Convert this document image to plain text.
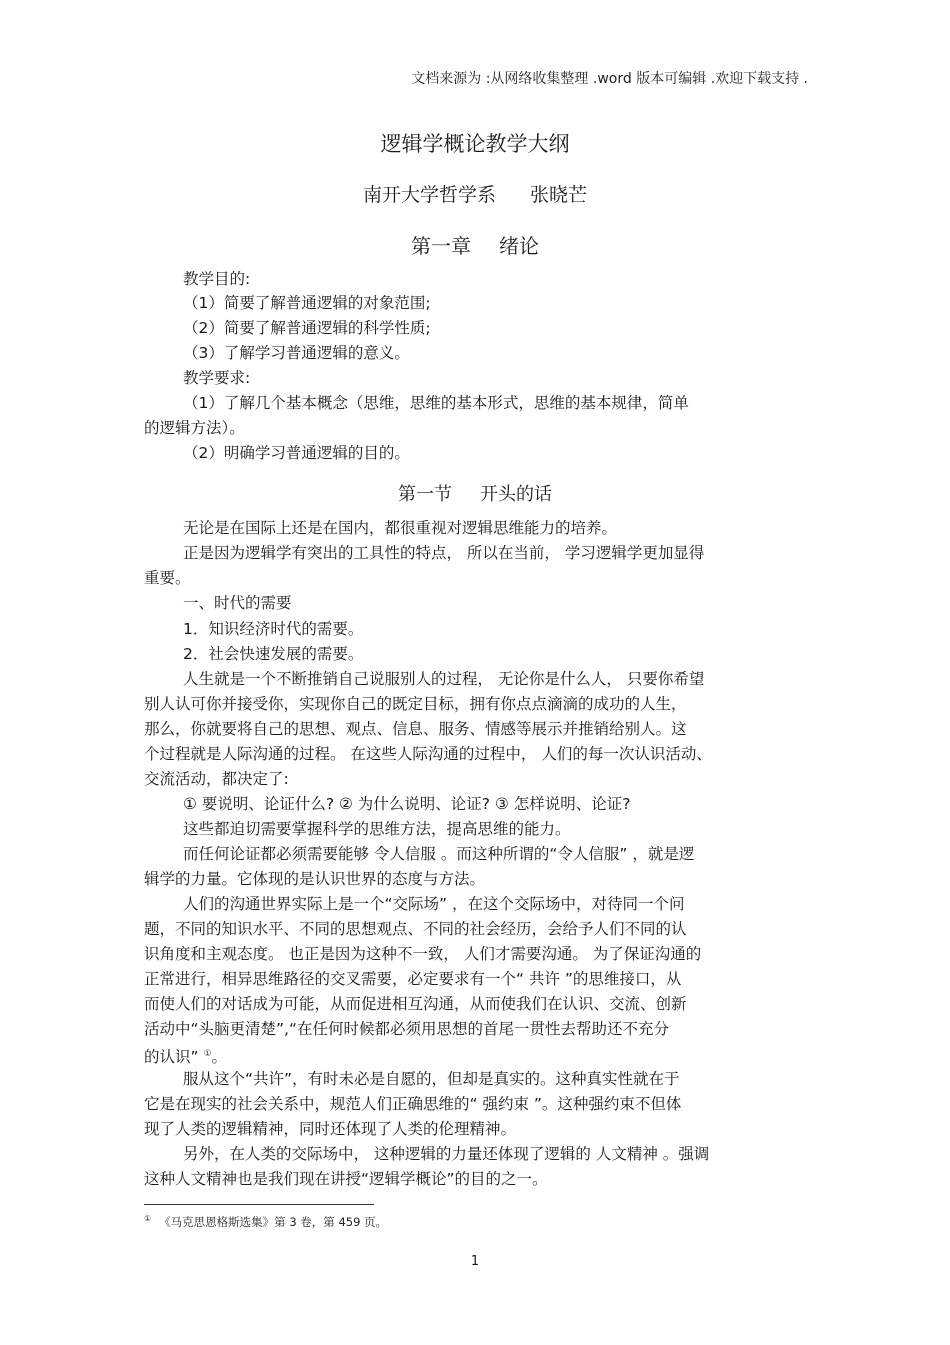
文档来源为 :从网络收集整理 .word 版本可编辑 .欢迎下载支持 .
逻辑学概论教学大纲
南开大学哲学系 张晓芒
第一章 绪论
教学目的:
（1）简要了解普通逻辑的对象范围;
（2）简要了解普通逻辑的科学性质;
（3）了解学习普通逻辑的意义。
教学要求:
（1）了解几个基本概念（思维，思维的基本形式，思维的基本规律，简单
的逻辑方法）。
（2）明确学习普通逻辑的目的。
第一节 开头的话
无论是在国际上还是在国内，都很重视对逻辑思维能力的培养。
正是因为逻辑学有突出的工具性的特点， 所以在当前， 学习逻辑学更加显得
重要。
一、时代的需要
1．知识经济时代的需要。
2．社会快速发展的需要。
人生就是一个不断推销自己说服别人的过程， 无论你是什么人， 只要你希望
别人认可你并接受你，实现你自己的既定目标，拥有你点点滴滴的成功的人生，
那么，你就要将自己的思想、观点、信息、服务、情感等展示并推销给别人。这
个过程就是人际沟通的过程。 在这些人际沟通的过程中， 人们的每一次认识活动、
交流活动，都决定了:
① 要说明、论证什么? ② 为什么说明、论证? ③ 怎样说明、论证?
这些都迫切需要掌握科学的思维方法，提高思维的能力。
而任何论证都必须需要能够 令人信服 。而这种所谓的“令人信服” ，就是逻
辑学的力量。它体现的是认识世界的态度与方法。
人们的沟通世界实际上是一个“交际场” ，在这个交际场中，对待同一个问
题，不同的知识水平、不同的思想观点、不同的社会经历，会给予人们不同的认
识角度和主观态度。 也正是因为这种不一致， 人们才需要沟通。 为了保证沟通的
正常进行，相异思维路径的交叉需要，必定要求有一个“ 共许 ”的思维接口，从
而使人们的对话成为可能，从而促进相互沟通，从而使我们在认识、交流、创新
活动中“头脑更清楚”,“在任何时候都必须用思想的首尾一贯性去帮助还不充分
的认识” ①。
服从这个“共许”，有时未必是自愿的，但却是真实的。这种真实性就在于
它是在现实的社会关系中，规范人们正确思维的“ 强约束 ”。这种强约束不但体
现了人类的逻辑精神，同时还体现了人类的伦理精神。
另外，在人类的交际场中， 这种逻辑的力量还体现了逻辑的 人文精神 。强调
这种人文精神也是我们现在讲授“逻辑学概论”的目的之一。
① 《马克思恩格斯选集》第 3 卷，第 459 页。
1
